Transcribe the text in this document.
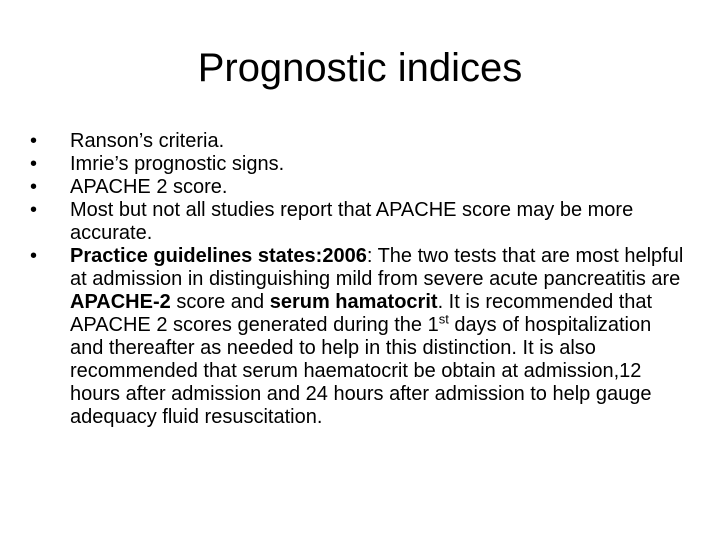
Prognostic indices
• Ranson’s criteria.
• Imrie’s prognostic signs.
• APACHE 2 score.
• Most but not all studies report that APACHE score may be more accurate.
• Practice guidelines states:2006: The two tests that are most helpful at admission in distinguishing mild from severe acute pancreatitis are APACHE-2 score and serum hamatocrit. It is recommended that APACHE 2 scores generated during the 1st days of hospitalization and thereafter as needed to help in this distinction. It is also recommended that serum haematocrit be obtain at admission,12 hours after admission and 24 hours after admission to help gauge adequacy fluid resuscitation.
